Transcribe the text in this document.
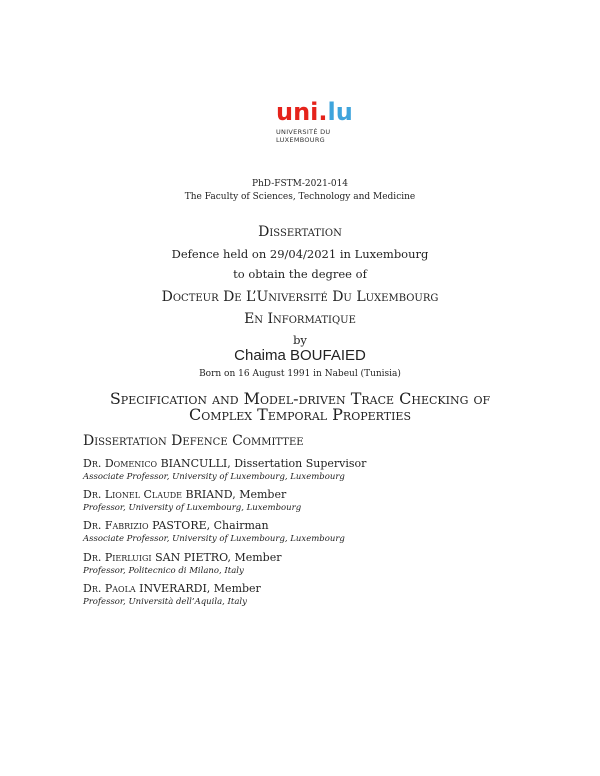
uni.lu
UNIVERSITÉ DU
LUXEMBOURG
PhD-FSTM-2021-014
The Faculty of Sciences, Technology and Medicine
Dissertation
Defence held on 29/04/2021 in Luxembourg
to obtain the degree of
Docteur De L’Université Du Luxembourg
En Informatique
by
Chaima BOUFAIED
Born on 16 August 1991 in Nabeul (Tunisia)
Specification and Model-driven Trace Checking of
Complex Temporal Properties
Dissertation Defence Committee
Dr. Domenico BIANCULLI, Dissertation Supervisor
Associate Professor, University of Luxembourg, Luxembourg
Dr. Lionel Claude BRIAND, Member
Professor, University of Luxembourg, Luxembourg
Dr. Fabrizio PASTORE, Chairman
Associate Professor, University of Luxembourg, Luxembourg
Dr. Pierluigi SAN PIETRO, Member
Professor, Politecnico di Milano, Italy
Dr. Paola INVERARDI, Member
Professor, Università dell’Aquila, Italy
